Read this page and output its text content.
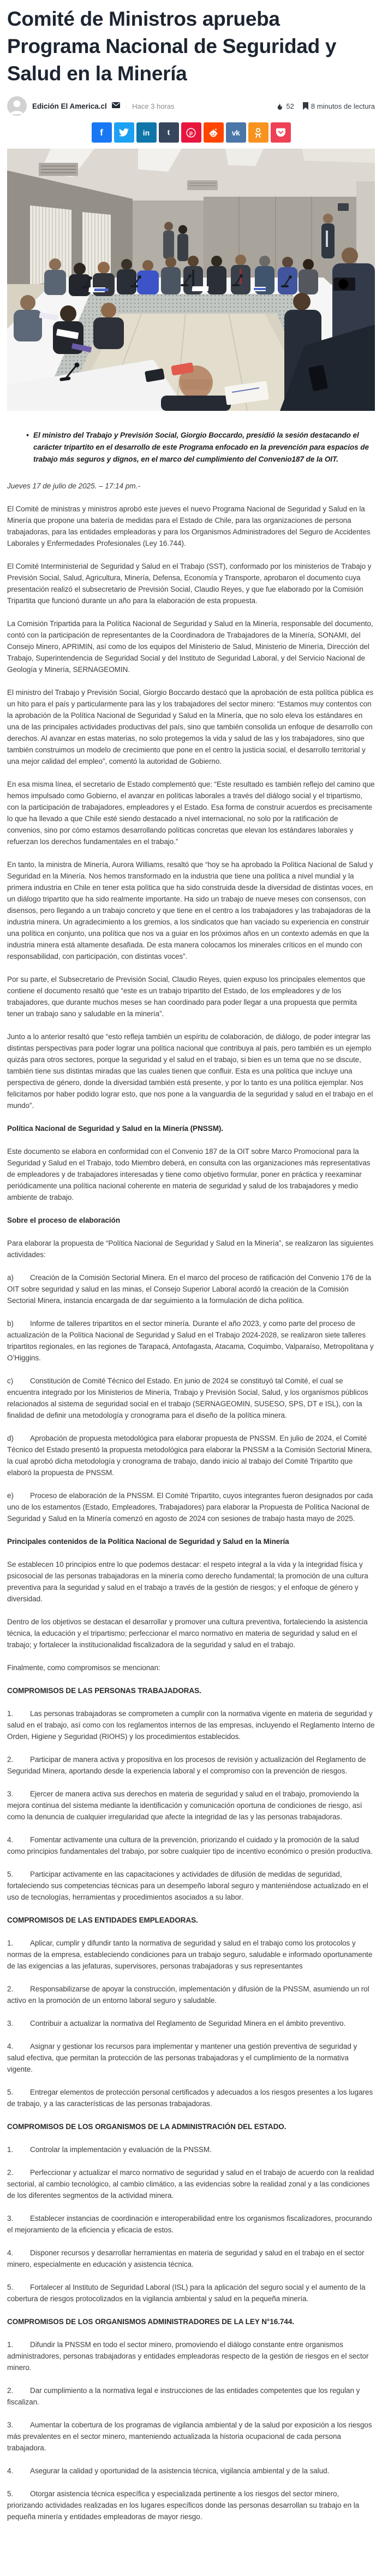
Comité de Ministros aprueba Programa Nacional de Seguridad y Salud en la Minería
Edición El America.cl	· Hace 3 horas	52 8 minutos de lectura
f	in t	p	vk
• El ministro del Trabajo y Previsión Social, Giorgio Boccardo, presidió la sesión destacando el carácter tripartito en el desarrollo de este Programa enfocado en la prevención para espacios de trabajo más seguros y dignos, en el marco del cumplimiento del Convenio187 de la OIT.

Jueves 17 de julio de 2025. – 17:14 pm.-

El Comité de ministras y ministros aprobó este jueves el nuevo Programa Nacional de Seguridad y Salud en la Minería que propone una batería de medidas para el Estado de Chile, para las organizaciones de persona trabajadoras, para las entidades empleadoras y para los Organismos Administradores del Seguro de Accidentes Laborales y Enfermedades Profesionales (Ley 16.744).

El Comité Interministerial de Seguridad y Salud en el Trabajo (SST), conformado por los ministerios de Trabajo y Previsión Social, Salud, Agricultura, Minería, Defensa, Economía y Transporte, aprobaron el documento cuya presentación realizó el subsecretario de Previsión Social, Claudio Reyes, y que fue elaborado por la Comisión Tripartita que funcionó durante un año para la elaboración de esta propuesta.

La Comisión Tripartida para la Política Nacional de Seguridad y Salud en la Minería, responsable del documento, contó con la participación de representantes de la Coordinadora de Trabajadores de la Minería, SONAMI, del Consejo Minero, APRIMIN, así como de los equipos del Ministerio de Salud, Ministerio de Minería, Dirección del Trabajo, Superintendencia de Seguridad Social y del Instituto de Seguridad Laboral, y del Servicio Nacional de Geología y Minería, SERNAGEOMIN.

El ministro del Trabajo y Previsión Social, Giorgio Boccardo destacó que la aprobación de esta política pública es un hito para el país y particularmente para las y los trabajadores del sector minero: “Estamos muy contentos con la aprobación de la Política Nacional de Seguridad y Salud en la Minería, que no solo eleva los estándares en una de las principales actividades productivas del país, sino que también consolida un enfoque de desarrollo con derechos. Al avanzar en estas materias, no solo protegemos la vida y salud de las y los trabajadores, sino que también construimos un modelo de crecimiento que pone en el centro la justicia social, el desarrollo territorial y una mejor calidad del empleo”, comentó la autoridad de Gobierno.

En esa misma línea, el secretario de Estado complementó que: “Este resultado es también reflejo del camino que hemos impulsado como Gobierno, el avanzar en políticas laborales a través del diálogo social y el tripartismo, con la participación de trabajadores, empleadores y el Estado. Esa forma de construir acuerdos es precisamente lo que ha llevado a que Chile esté siendo destacado a nivel internacional, no solo por la ratificación de convenios, sino por cómo estamos desarrollando políticas concretas que elevan los estándares laborales y refuerzan los derechos fundamentales en el trabajo.”

En tanto, la ministra de Minería, Aurora Williams, resaltó que “hoy se ha aprobado la Política Nacional de Salud y Seguridad en la Minería. Nos hemos transformado en la industria que tiene una política a nivel mundial y la primera industria en Chile en tener esta política que ha sido construida desde la diversidad de distintas voces, en un diálogo tripartito que ha sido realmente importante. Ha sido un trabajo de nueve meses con consensos, con disensos, pero llegando a un trabajo concreto y que tiene en el centro a los trabajadores y las trabajadoras de la industria minera. Un agradecimiento a los gremios, a los sindicatos que han vaciado su experiencia en construir una política en conjunto, una política que nos va a guiar en los próximos años en un contexto además en que la industria minera está altamente desafiada. De esta manera colocamos los minerales críticos en el mundo con responsabilidad, con participación, con distintas voces”.

Por su parte, el Subsecretario de Previsión Social, Claudio Reyes, quien expuso los principales elementos que contiene el documento resaltó que “este es un trabajo tripartito del Estado, de los empleadores y de los trabajadores, que durante muchos meses se han coordinado para poder llegar a una propuesta que permita tener un trabajo sano y saludable en la minería”.

Junto a lo anterior resaltó que “esto refleja también un espíritu de colaboración, de diálogo, de poder integrar las distintas perspectivas para poder lograr una política nacional que contribuya al país, pero también es un ejemplo quizás para otros sectores, porque la seguridad y el salud en el trabajo, si bien es un tema que no se discute, también tiene sus distintas miradas que las cuales tienen que confluir. Esta es una política que incluye una perspectiva de género, donde la diversidad también está presente, y por lo tanto es una política ejemplar. Nos felicitamos por haber podido lograr esto, que nos pone a la vanguardia de la seguridad y salud en el trabajo en el mundo”.

Política Nacional de Seguridad y Salud en la Minería (PNSSM).

Este documento se elabora en conformidad con el Convenio 187 de la OIT sobre Marco Promocional para la Seguridad y Salud en el Trabajo, todo Miembro deberá, en consulta con las organizaciones más representativas de empleadores y de trabajadores interesadas y tiene como objetivo formular, poner en práctica y reexaminar periódicamente una política nacional coherente en materia de seguridad y salud de los trabajadores y medio ambiente de trabajo.

Sobre el proceso de elaboración

Para elaborar la propuesta de “Política Nacional de Seguridad y Salud en la Minería”, se realizaron las siguientes actividades:

a) Creación de la Comisión Sectorial Minera. En el marco del proceso de ratificación del Convenio 176 de la OIT sobre seguridad y salud en las minas, el Consejo Superior Laboral acordó la creación de la Comisión Sectorial Minera, instancia encargada de dar seguimiento a la formulación de dicha política.

b) Informe de talleres tripartitos en el sector minería. Durante el año 2023, y como parte del proceso de actualización de la Política Nacional de Seguridad y Salud en el Trabajo 2024-2028, se realizaron siete talleres tripartitos regionales, en las regiones de Tarapacá, Antofagasta, Atacama, Coquimbo, Valparaíso, Metropolitana y O’Higgins.

c) Constitución de Comité Técnico del Estado. En junio de 2024 se constituyó tal Comité, el cual se encuentra integrado por los Ministerios de Minería, Trabajo y Previsión Social, Salud, y los organismos públicos relacionados al sistema de seguridad social en el trabajo (SERNAGEOMIN, SUSESO, SPS, DT e ISL), con la finalidad de definir una metodología y cronograma para el diseño de la política minera.

d) Aprobación de propuesta metodológica para elaborar propuesta de PNSSM. En julio de 2024, el Comité Técnico del Estado presentó la propuesta metodológica para elaborar la PNSSM a la Comisión Sectorial Minera, la cual aprobó dicha metodología y cronograma de trabajo, dando inicio al trabajo del Comité Tripartito que elaboró la propuesta de PNSSM.

e) Proceso de elaboración de la PNSSM. El Comité Tripartito, cuyos integrantes fueron designados por cada uno de los estamentos (Estado, Empleadores, Trabajadores) para elaborar la Propuesta de Política Nacional de Seguridad y Salud en la Minería comenzó en agosto de 2024 con sesiones de trabajo hasta mayo de 2025.

Principales contenidos de la Política Nacional de Seguridad y Salud en la Minería

Se establecen 10 principios entre lo que podemos destacar: el respeto integral a la vida y la integridad física y psicosocial de las personas trabajadoras en la minería como derecho fundamental; la promoción de una cultura preventiva para la seguridad y salud en el trabajo a través de la gestión de riesgos; y el enfoque de género y diversidad.

Dentro de los objetivos se destacan el desarrollar y promover una cultura preventiva, fortaleciendo la asistencia técnica, la educación y el tripartismo; perfeccionar el marco normativo en materia de seguridad y salud en el trabajo; y fortalecer la institucionalidad fiscalizadora de la seguridad y salud en el trabajo.

Finalmente, como compromisos se mencionan:

COMPROMISOS DE LAS PERSONAS TRABAJADORAS.

1. Las personas trabajadoras se comprometen a cumplir con la normativa vigente en materia de seguridad y salud en el trabajo, así como con los reglamentos internos de las empresas, incluyendo el Reglamento Interno de Orden, Higiene y Seguridad (RIOHS) y los procedimientos establecidos.

2. Participar de manera activa y propositiva en los procesos de revisión y actualización del Reglamento de Seguridad Minera, aportando desde la experiencia laboral y el compromiso con la prevención de riesgos.

3. Ejercer de manera activa sus derechos en materia de seguridad y salud en el trabajo, promoviendo la mejora continua del sistema mediante la identificación y comunicación oportuna de condiciones de riesgo, así como la denuncia de cualquier irregularidad que afecte la integridad de las y las personas trabajadoras.

4. Fomentar activamente una cultura de la prevención, priorizando el cuidado y la promoción de la salud como principios fundamentales del trabajo, por sobre cualquier tipo de incentivo económico o presión productiva.

5. Participar activamente en las capacitaciones y actividades de difusión de medidas de seguridad, fortaleciendo sus competencias técnicas para un desempeño laboral seguro y manteniéndose actualizado en el uso de tecnologías, herramientas y procedimientos asociados a su labor.

COMPROMISOS DE LAS ENTIDADES EMPLEADORAS.

1. Aplicar, cumplir y difundir tanto la normativa de seguridad y salud en el trabajo como los protocolos y normas de la empresa, estableciendo condiciones para un trabajo seguro, saludable e informado oportunamente de las exigencias a las jefaturas, supervisores, personas trabajadoras y sus representantes

2. Responsabilizarse de apoyar la construcción, implementación y difusión de la PNSSM, asumiendo un rol activo en la promoción de un entorno laboral seguro y saludable.

3. Contribuir a actualizar la normativa del Reglamento de Seguridad Minera en el ámbito preventivo.

4. Asignar y gestionar los recursos para implementar y mantener una gestión preventiva de seguridad y salud efectiva, que permitan la protección de las personas trabajadoras y el cumplimiento de la normativa vigente.

5. Entregar elementos de protección personal certificados y adecuados a los riesgos presentes a los lugares de trabajo, y a las características de las personas trabajadoras.

COMPROMISOS DE LOS ORGANISMOS DE LA ADMINISTRACIÓN DEL ESTADO.

1. Controlar la implementación y evaluación de la PNSSM.

2. Perfeccionar y actualizar el marco normativo de seguridad y salud en el trabajo de acuerdo con la realidad sectorial, al cambio tecnológico, al cambio climático, a las evidencias sobre la realidad zonal y a las condiciones de los diferentes segmentos de la actividad minera.

3. Establecer instancias de coordinación e interoperabilidad entre los organismos fiscalizadores, procurando el mejoramiento de la eficiencia y eficacia de estos.

4. Disponer recursos y desarrollar herramientas en materia de seguridad y salud en el trabajo en el sector minero, especialmente en educación y asistencia técnica.

5. Fortalecer al Instituto de Seguridad Laboral (ISL) para la aplicación del seguro social y el aumento de la cobertura de riesgos protocolizados en la vigilancia ambiental y salud en la pequeña minería.

COMPROMISOS DE LOS ORGANISMOS ADMINISTRADORES DE LA LEY N°16.744.

1. Difundir la PNSSM en todo el sector minero, promoviendo el diálogo constante entre organismos administradores, personas trabajadoras y entidades empleadoras respecto de la gestión de riesgos en el sector minero.

2. Dar cumplimiento a la normativa legal e instrucciones de las entidades competentes que los regulan y fiscalizan.

3. Aumentar la cobertura de los programas de vigilancia ambiental y de la salud por exposición a los riesgos más prevalentes en el sector minero, manteniendo actualizada la historia ocupacional de cada persona trabajadora.

4. Asegurar la calidad y oportunidad de la asistencia técnica, vigilancia ambiental y de la salud.

5. Otorgar asistencia técnica específica y especializada pertinente a los riesgos del sector minero, priorizando actividades realizadas en los lugares específicos donde las personas desarrollan su trabajo en la pequeña minería y entidades empleadoras de mayor riesgo.
